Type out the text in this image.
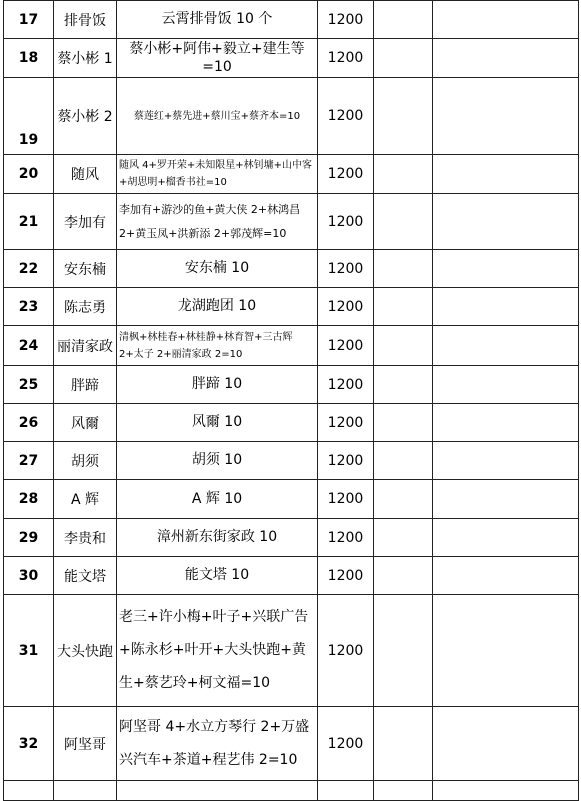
17	排骨饭	云霄排骨饭 10 个	1200		
18	蔡小彬 1	蔡小彬+阿伟+毅立+建生等=10	1200		
19	蔡小彬 2	蔡莲红+蔡先进+蔡川宝+蔡齐本=10	1200		
20	随风	随风 4+罗开荣+未知限星+林钊墉+山中客+胡思明+榴香书社=10	1200		
21	李加有	李加有+游沙的鱼+黄大侠 2+林鸿昌 2+黄玉凤+洪新添 2+郭茂辉=10	1200		
22	安东楠	安东楠 10	1200		
23	陈志勇	龙湖跑团 10	1200		
24	丽清家政	清枫+林桂春+林桂静+林育智+三古辉 2+太子 2+丽清家政 2=10	1200		
25	胖蹄	胖蹄 10	1200		
26	风爾	风爾 10	1200		
27	胡须	胡须 10	1200		
28	A 辉	A 辉 10	1200		
29	李贵和	漳州新东街家政 10	1200		
30	能文塔	能文塔 10	1200		
31	大头快跑	老三+许小梅+叶子+兴联广告+陈永杉+叶开+大头快跑+黄生+蔡艺玲+柯文福=10	1200		
32	阿坚哥	阿坚哥 4+水立方琴行 2+万盛兴汽车+茶道+程艺伟 2=10	1200		
